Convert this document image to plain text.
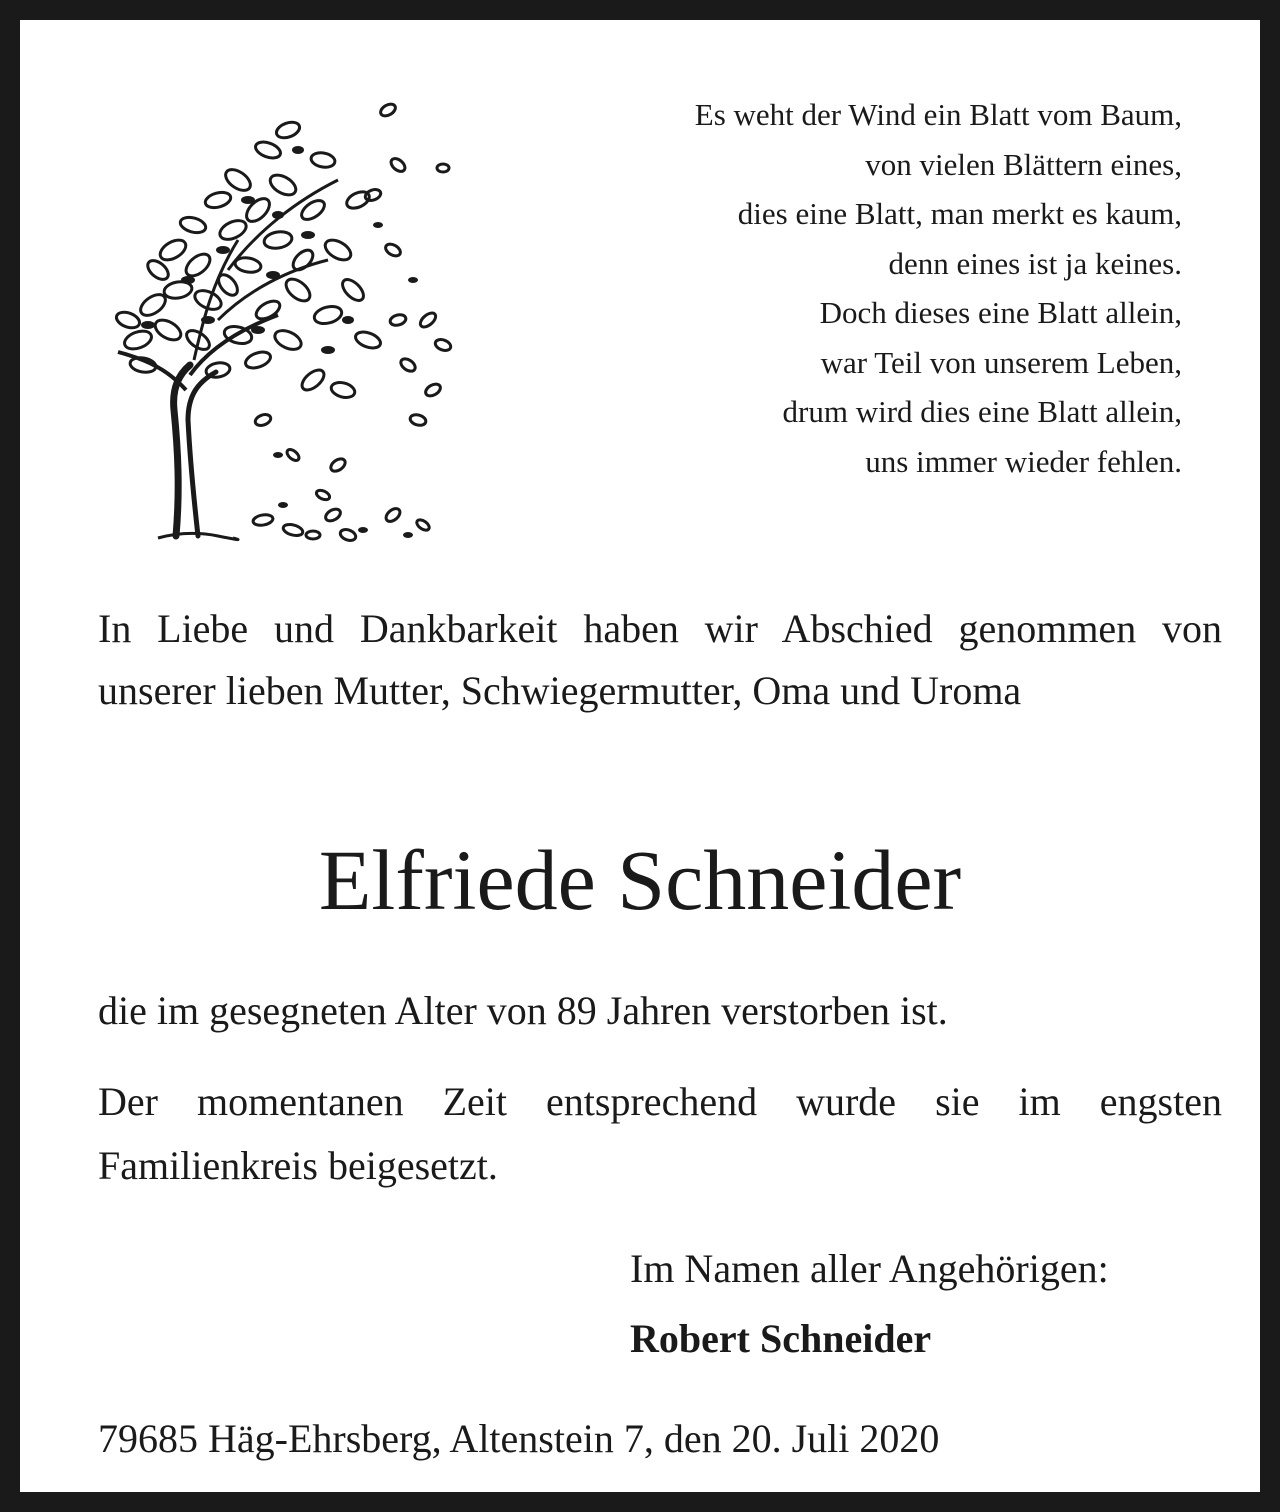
Es weht der Wind ein Blatt vom Baum,
von vielen Blättern eines,
dies eine Blatt, man merkt es kaum,
denn eines ist ja keines.
Doch dieses eine Blatt allein,
war Teil von unserem Leben,
drum wird dies eine Blatt allein,
uns immer wieder fehlen.

In Liebe und Dankbarkeit haben wir Abschied genommen von unserer lieben Mutter, Schwiegermutter, Oma und Uroma

Elfriede Schneider

die im gesegneten Alter von 89 Jahren verstorben ist.

Der momentanen Zeit entsprechend wurde sie im engsten Familienkreis beigesetzt.

Im Namen aller Angehörigen:

Robert Schneider

79685 Häg-Ehrsberg, Altenstein 7, den 20. Juli 2020
